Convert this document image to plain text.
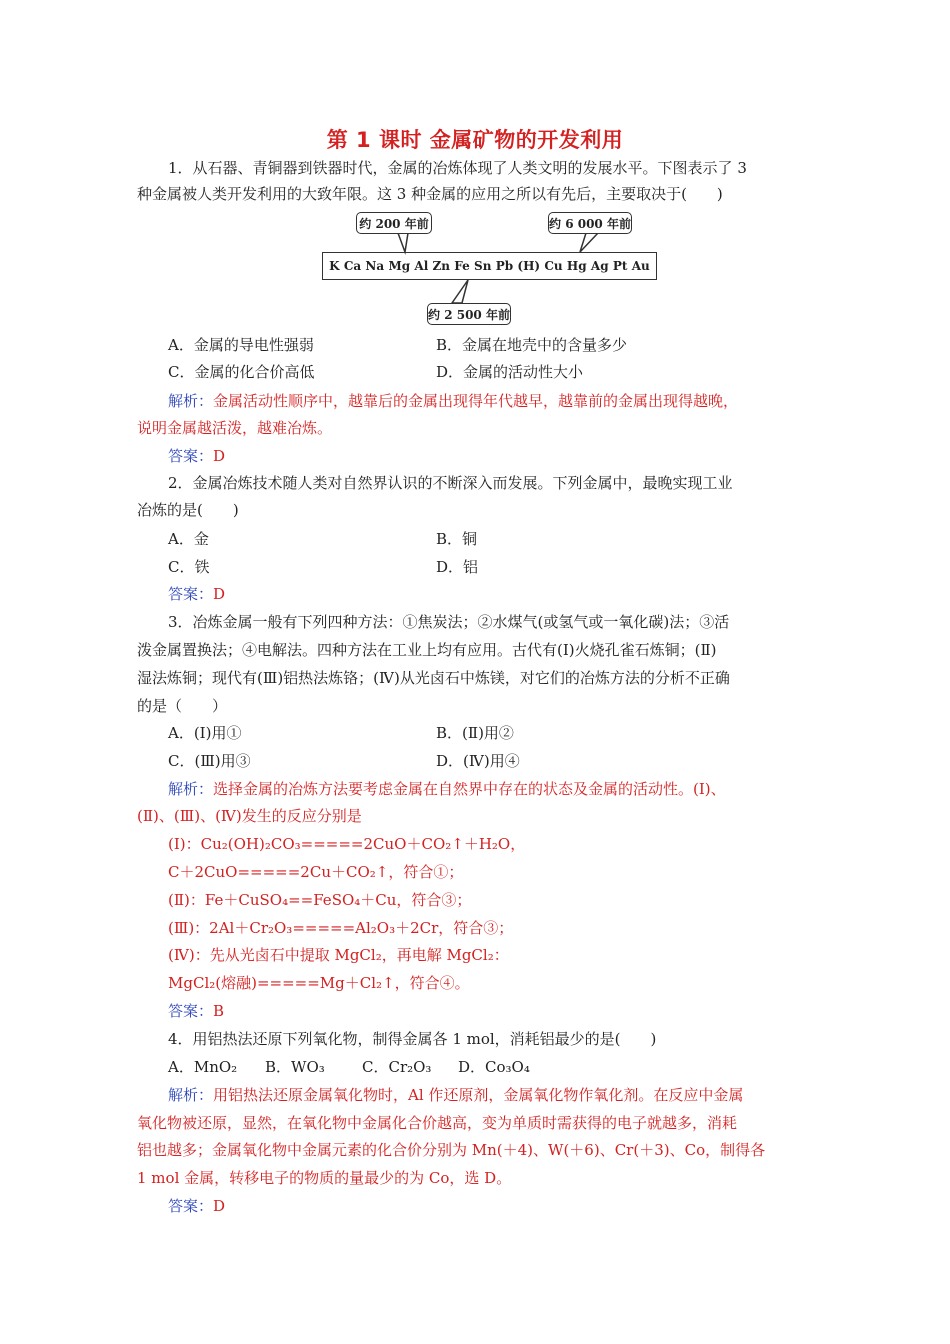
第 1 课时 金属矿物的开发利用
1．从石器、青铜器到铁器时代，金属的冶炼体现了人类文明的发展水平。下图表示了 3
种金属被人类开发利用的大致年限。这 3 种金属的应用之所以有先后，主要取决于(　　)
约 200 年前	约 6 000 年前
约 2 500 年前
K Ca Na Mg Al Zn Fe Sn Pb (H) Cu Hg Ag Pt Au
A．金属的导电性强弱	B．金属在地壳中的含量多少
C．金属的化合价高低	D．金属的活动性大小
解析：金属活动性顺序中，越靠后的金属出现得年代越早，越靠前的金属出现得越晚，
说明金属越活泼，越难冶炼。
答案：D
2．金属冶炼技术随人类对自然界认识的不断深入而发展。下列金属中，最晚实现工业
冶炼的是(　　)
A．金	B．铜
C．铁	D．铝
答案：D
3．冶炼金属一般有下列四种方法：①焦炭法；②水煤气(或氢气或一氧化碳)法；③活
泼金属置换法；④电解法。四种方法在工业上均有应用。古代有(Ⅰ)火烧孔雀石炼铜；(Ⅱ)
湿法炼铜；现代有(Ⅲ)铝热法炼铬；(Ⅳ)从光卤石中炼镁，对它们的冶炼方法的分析不正确
的是（　　）
A．(Ⅰ)用①	B．(Ⅱ)用②
C．(Ⅲ)用③	D．(Ⅳ)用④
解析：选择金属的冶炼方法要考虑金属在自然界中存在的状态及金属的活动性。(Ⅰ)、
(Ⅱ)、(Ⅲ)、(Ⅳ)发生的反应分别是
(Ⅰ)：Cu₂(OH)₂CO₃=====2CuO＋CO₂↑＋H₂O，
C＋2CuO=====2Cu＋CO₂↑，符合①；
(Ⅱ)：Fe＋CuSO₄==FeSO₄＋Cu，符合③；
(Ⅲ)：2Al＋Cr₂O₃=====Al₂O₃＋2Cr，符合③；
(Ⅳ)：先从光卤石中提取 MgCl₂，再电解 MgCl₂：
MgCl₂(熔融)=====Mg＋Cl₂↑，符合④。
答案：B
4．用铝热法还原下列氧化物，制得金属各 1 mol，消耗铝最少的是(　　)
A．MnO₂ B．WO₃ C．Cr₂O₃ D．Co₃O₄
解析：用铝热法还原金属氧化物时，Al 作还原剂，金属氧化物作氧化剂。在反应中金属
氧化物被还原，显然，在氧化物中金属化合价越高，变为单质时需获得的电子就越多，消耗
铝也越多；金属氧化物中金属元素的化合价分别为 Mn(＋4)、W(＋6)、Cr(＋3)、Co，制得各
1 mol 金属，转移电子的物质的量最少的为 Co，选 D。
答案：D
